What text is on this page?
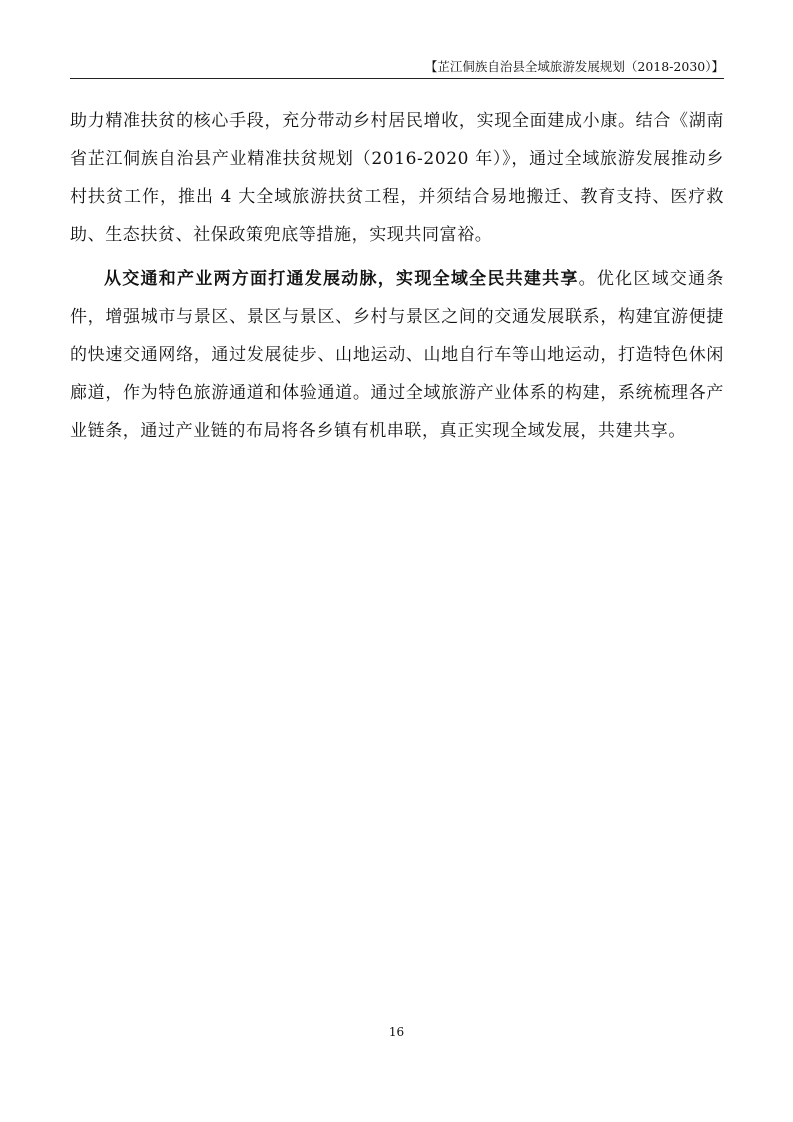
【芷江侗族自治县全域旅游发展规划（2018-2030）】

助力精准扶贫的核心手段，充分带动乡村居民增收，实现全面建成小康。结合《湖南省芷江侗族自治县产业精准扶贫规划（2016-2020 年）》，通过全域旅游发展推动乡村扶贫工作，推出 4 大全域旅游扶贫工程，并须结合易地搬迁、教育支持、医疗救助、生态扶贫、社保政策兜底等措施，实现共同富裕。

从交通和产业两方面打通发展动脉，实现全域全民共建共享。优化区域交通条件，增强城市与景区、景区与景区、乡村与景区之间的交通发展联系，构建宜游便捷的快速交通网络，通过发展徒步、山地运动、山地自行车等山地运动，打造特色休闲廊道，作为特色旅游通道和体验通道。通过全域旅游产业体系的构建，系统梳理各产业链条，通过产业链的布局将各乡镇有机串联，真正实现全域发展，共建共享。

16
